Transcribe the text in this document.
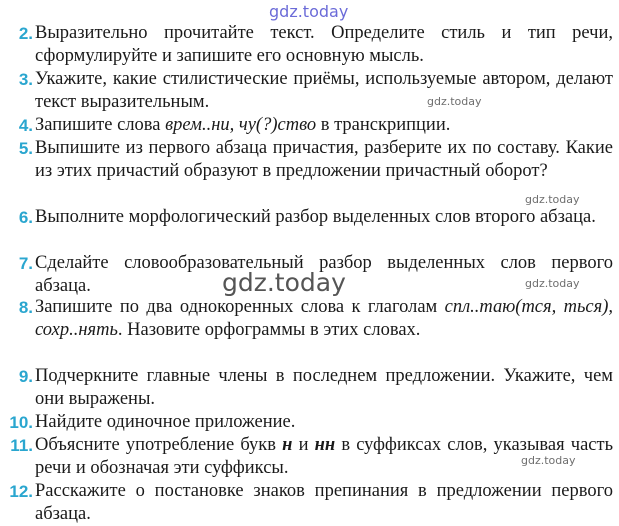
gdz.today
2. Выразительно прочитайте текст. Определите стиль и тип речи, сформулируйте и запишите его основную мысль.
3. Укажите, какие стилистические приёмы, используемые автором, делают текст выразительным.	gdz.today
4. Запишите слова врем..ни, чу(?)ство в транскрипции.
5. Выпишите из первого абзаца причастия, разберите их по составу. Какие из этих причастий образуют в предложении причастный оборот?
gdz.today
6. Выполните морфологический разбор выделенных слов второго абзаца.
7. Сделайте словообразовательный разбор выделенных слов первого абзаца.	gdz.today	gdz.today
8. Запишите по два однокоренных слова к глаголам спл..таю(тся, ться), сохр..нять. Назовите орфограммы в этих словах.
9. Подчеркните главные члены в последнем предложении. Укажите, чем они выражены.
10. Найдите одиночное приложение.
11. Объясните употребление букв н и нн в суффиксах слов, указывая часть речи и обозначая эти суффиксы.	gdz.today
12. Расскажите о постановке знаков препинания в предложении первого абзаца.
